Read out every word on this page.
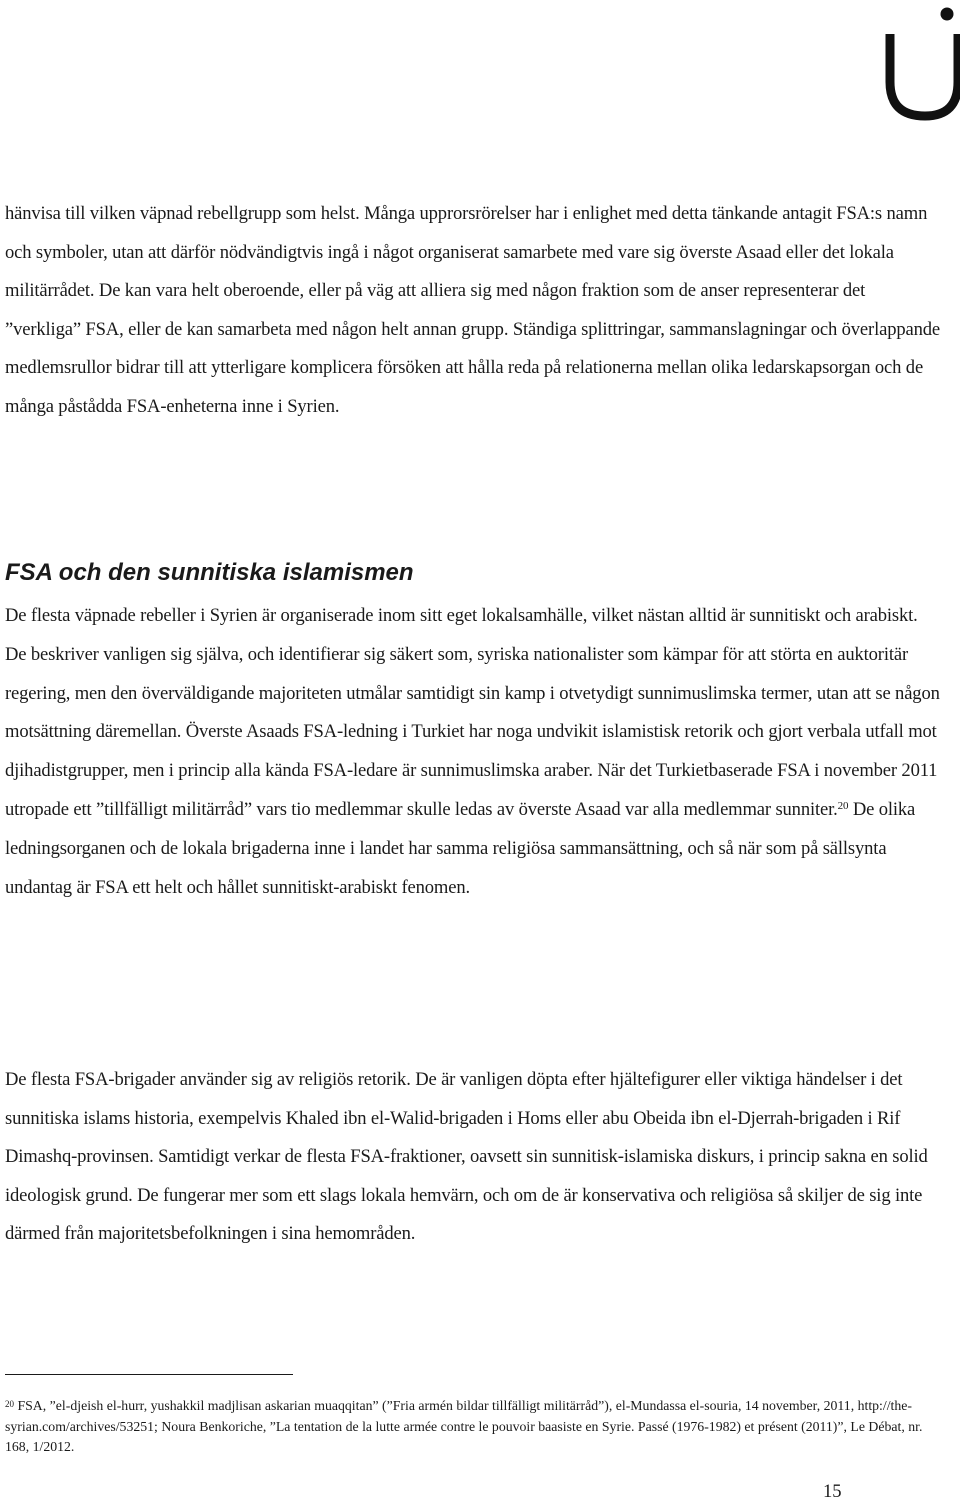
hänvisa till vilken väpnad rebellgrupp som helst. Många upprorsrörelser har i enlighet med detta tänkande antagit FSA:s namn och symboler, utan att därför nödvändigtvis ingå i något organiserat samarbete med vare sig överste Asaad eller det lokala militärrådet. De kan vara helt oberoende, eller på väg att alliera sig med någon fraktion som de anser representerar det ”verkliga” FSA, eller de kan samarbeta med någon helt annan grupp. Ständiga splittringar, sammanslagningar och överlappande medlemsrullor bidrar till att ytterligare komplicera försöken att hålla reda på relationerna mellan olika ledarskapsorgan och de många påstådda FSA-enheterna inne i Syrien.

FSA och den sunnitiska islamismen

De flesta väpnade rebeller i Syrien är organiserade inom sitt eget lokalsamhälle, vilket nästan alltid är sunnitiskt och arabiskt. De beskriver vanligen sig själva, och identifierar sig säkert som, syriska nationalister som kämpar för att störta en auktoritär regering, men den överväldigande majoriteten utmålar samtidigt sin kamp i otvetydigt sunnimuslimska termer, utan att se någon motsättning däremellan. Överste Asaads FSA-ledning i Turkiet har noga undvikit islamistisk retorik och gjort verbala utfall mot djihadistgrupper, men i princip alla kända FSA-ledare är sunnimuslimska araber. När det Turkietbaserade FSA i november 2011 utropade ett ”tillfälligt militärråd” vars tio medlemmar skulle ledas av överste Asaad var alla medlemmar sunniter.$^{20}$ De olika ledningsorganen och de lokala brigaderna inne i landet har samma religiösa sammansättning, och så när som på sällsynta undantag är FSA ett helt och hållet sunnitiskt-arabiskt fenomen.

De flesta FSA-brigader använder sig av religiös retorik. De är vanligen döpta efter hjältefigurer eller viktiga händelser i det sunnitiska islams historia, exempelvis Khaled ibn el-Walid-brigaden i Homs eller abu Obeida ibn el-Djerrah-brigaden i Rif Dimashq-provinsen. Samtidigt verkar de flesta FSA-fraktioner, oavsett sin sunnitisk-islamiska diskurs, i princip sakna en solid ideologisk grund. De fungerar mer som ett slags lokala hemvärn, och om de är konservativa och religiösa så skiljer de sig inte därmed från majoritetsbefolkningen i sina hemområden.

$^{20}$ FSA, ”el-djeish el-hurr, yushakkil madjlisan askarian muaqqitan” (”Fria armén bildar tillfälligt militärråd”), el-Mundassa el-souria, 14 november, 2011, http://the-syrian.com/archives/53251; Noura Benkoriche, ”La tentation de la lutte armée contre le pouvoir baasiste en Syrie. Passé (1976-1982) et présent (2011)”, Le Débat, nr. 168, 1/2012.

15
